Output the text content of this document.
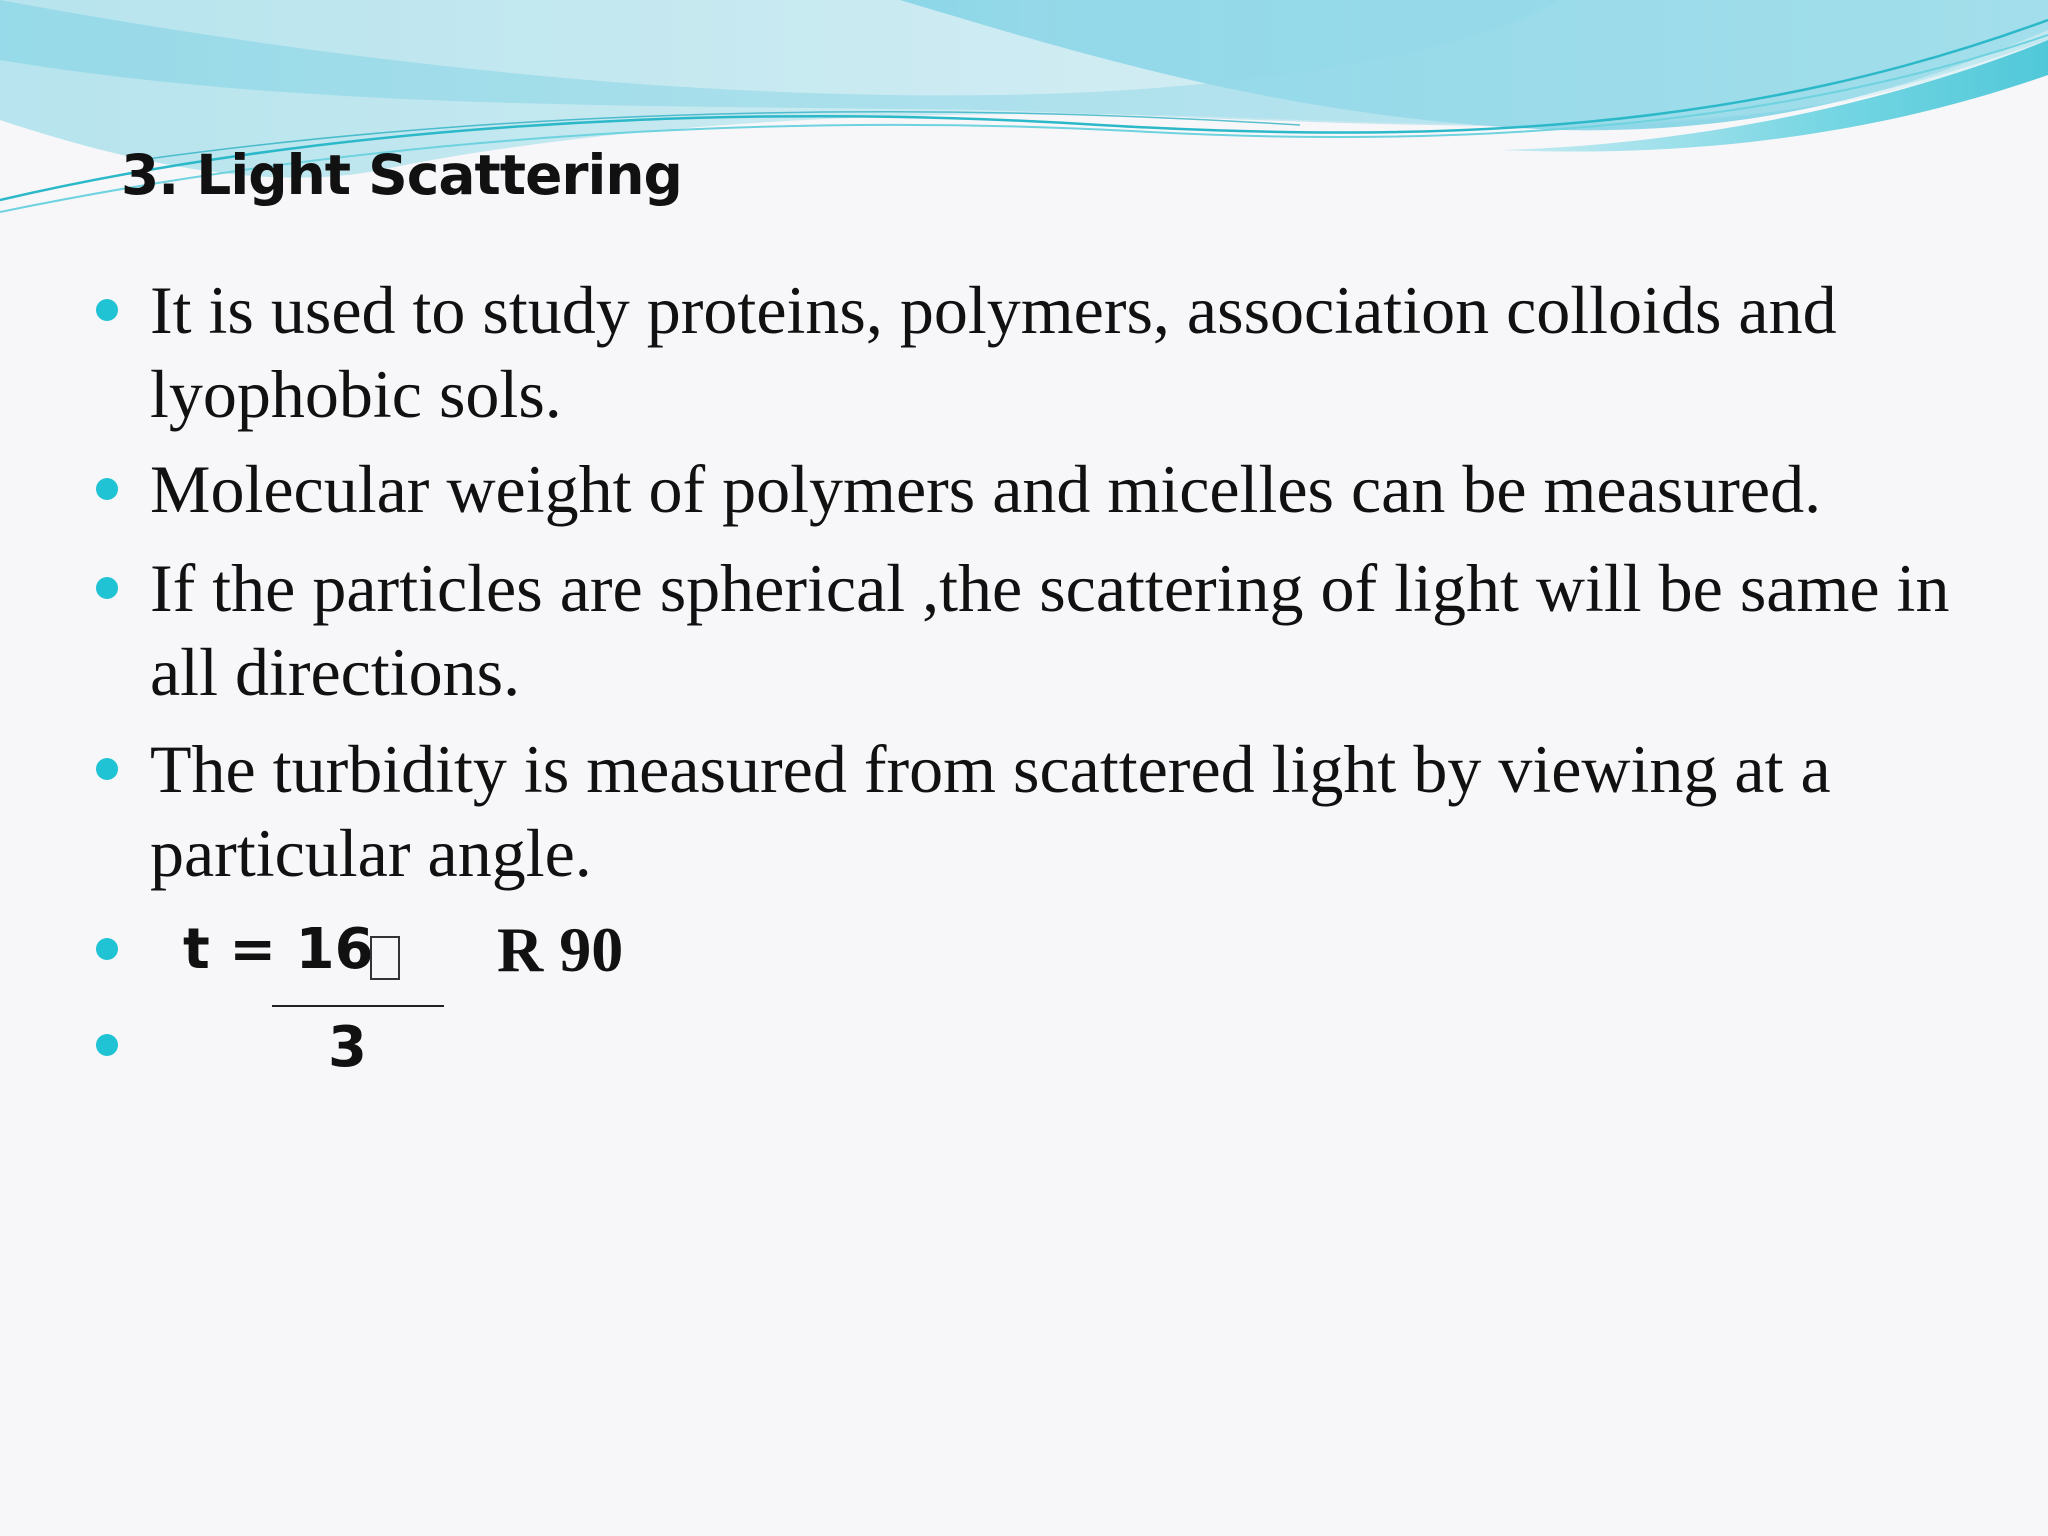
3. Light Scattering
It is used to study proteins, polymers, association colloids and lyophobic sols.
Molecular weight of polymers and micelles can be measured.
If the particles are spherical ,the scattering of light will be same in all directions.
The turbidity is measured from scattered light by viewing at a particular angle.
t = 16 R 90
3
